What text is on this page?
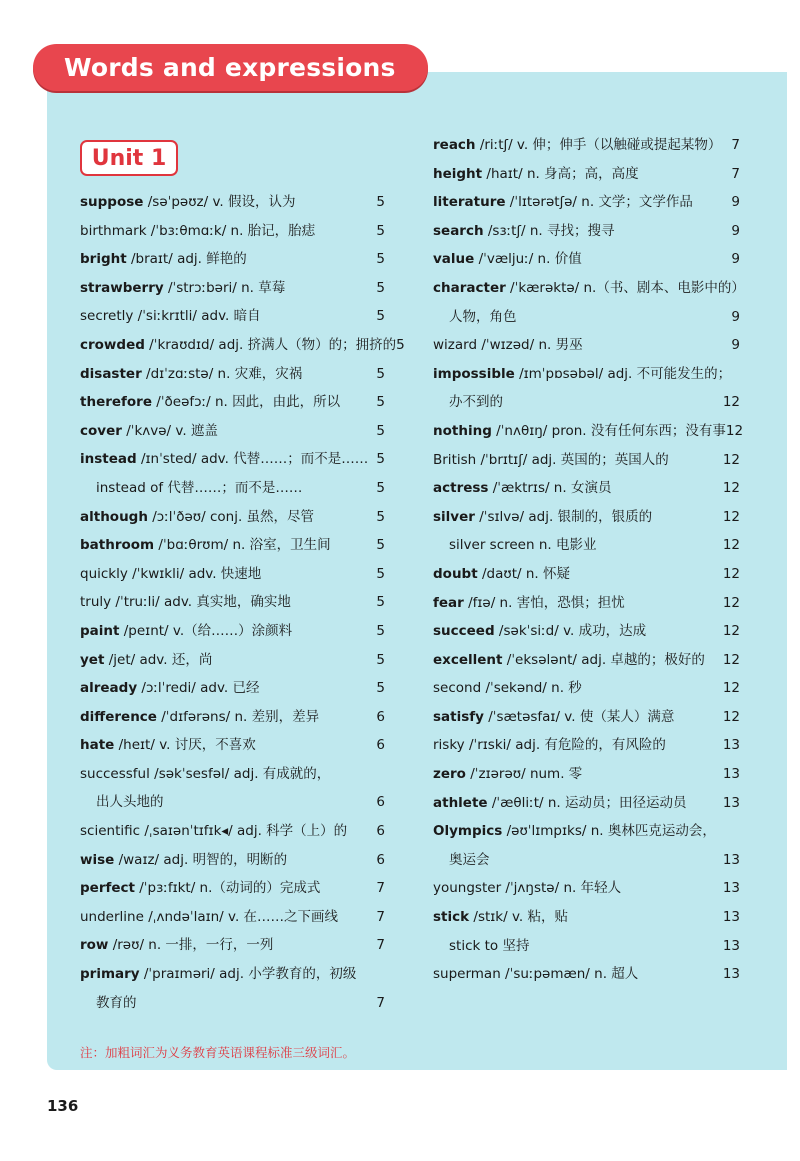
Words and expressions
Unit 1
suppose /səˈpəʊz/ v. 假设，认为	5
birthmark /ˈbɜːθmɑːk/ n. 胎记，胎痣	5
bright /braɪt/ adj. 鲜艳的	5
strawberry /ˈstrɔːbəri/ n. 草莓	5
secretly /ˈsiːkrɪtli/ adv. 暗自	5
crowded /ˈkraʊdɪd/ adj. 挤满人（物）的；拥挤的 5
disaster /dɪˈzɑːstə/ n. 灾难，灾祸	5
therefore /ˈðeəfɔː/ n. 因此，由此，所以	5
cover /ˈkʌvə/ v. 遮盖	5
instead /ɪnˈsted/ adv. 代替……；而不是…… 5
instead of 代替……；而不是……	5
although /ɔːlˈðəʊ/ conj. 虽然，尽管	5
bathroom /ˈbɑːθrʊm/ n. 浴室，卫生间	5
quickly /ˈkwɪkli/ adv. 快速地	5
truly /ˈtruːli/ adv. 真实地，确实地	5
paint /peɪnt/ v.（给……）涂颜料	5
yet /jet/ adv. 还，尚	5
already /ɔːlˈredi/ adv. 已经	5
difference /ˈdɪfərəns/ n. 差别，差异	6
hate /heɪt/ v. 讨厌，不喜欢	6
successful /səkˈsesfəl/ adj. 有成就的，
出人头地的	6
scientific /ˌsaɪənˈtɪfɪk◂/ adj. 科学（上）的	6
wise /waɪz/ adj. 明智的，明断的	6
perfect /ˈpɜːfɪkt/ n.（动词的）完成式	7
underline /ˌʌndəˈlaɪn/ v. 在……之下画线	7
row /rəʊ/ n. 一排，一行，一列	7
primary /ˈpraɪməri/ adj. 小学教育的，初级
教育的	7
reach /riːtʃ/ v. 伸；伸手（以触碰或提起某物） 7
height /haɪt/ n. 身高；高，高度	7
literature /ˈlɪtərətʃə/ n. 文学；文学作品	9
search /sɜːtʃ/ n. 寻找；搜寻	9
value /ˈvæljuː/ n. 价值	9
character /ˈkærəktə/ n.（书、剧本、电影中的）
人物，角色	9
wizard /ˈwɪzəd/ n. 男巫	9
impossible /ɪmˈpɒsəbəl/ adj. 不可能发生的；
办不到的	12
nothing /ˈnʌθɪŋ/ pron. 没有任何东西；没有事 12
British /ˈbrɪtɪʃ/ adj. 英国的；英国人的	12
actress /ˈæktrɪs/ n. 女演员	12
silver /ˈsɪlvə/ adj. 银制的，银质的	12
silver screen n. 电影业	12
doubt /daʊt/ n. 怀疑	12
fear /fɪə/ n. 害怕，恐惧；担忧	12
succeed /səkˈsiːd/ v. 成功，达成	12
excellent /ˈeksələnt/ adj. 卓越的；极好的	12
second /ˈsekənd/ n. 秒	12
satisfy /ˈsætəsfaɪ/ v. 使（某人）满意	12
risky /ˈrɪski/ adj. 有危险的，有风险的	13
zero /ˈzɪərəʊ/ num. 零	13
athlete /ˈæθliːt/ n. 运动员；田径运动员	13
Olympics /əʊˈlɪmpɪks/ n. 奥林匹克运动会，
奥运会	13
youngster /ˈjʌŋstə/ n. 年轻人	13
stick /stɪk/ v. 粘，贴	13
stick to 坚持	13
superman /ˈsuːpəmæn/ n. 超人	13
注：加粗词汇为义务教育英语课程标准三级词汇。
136
